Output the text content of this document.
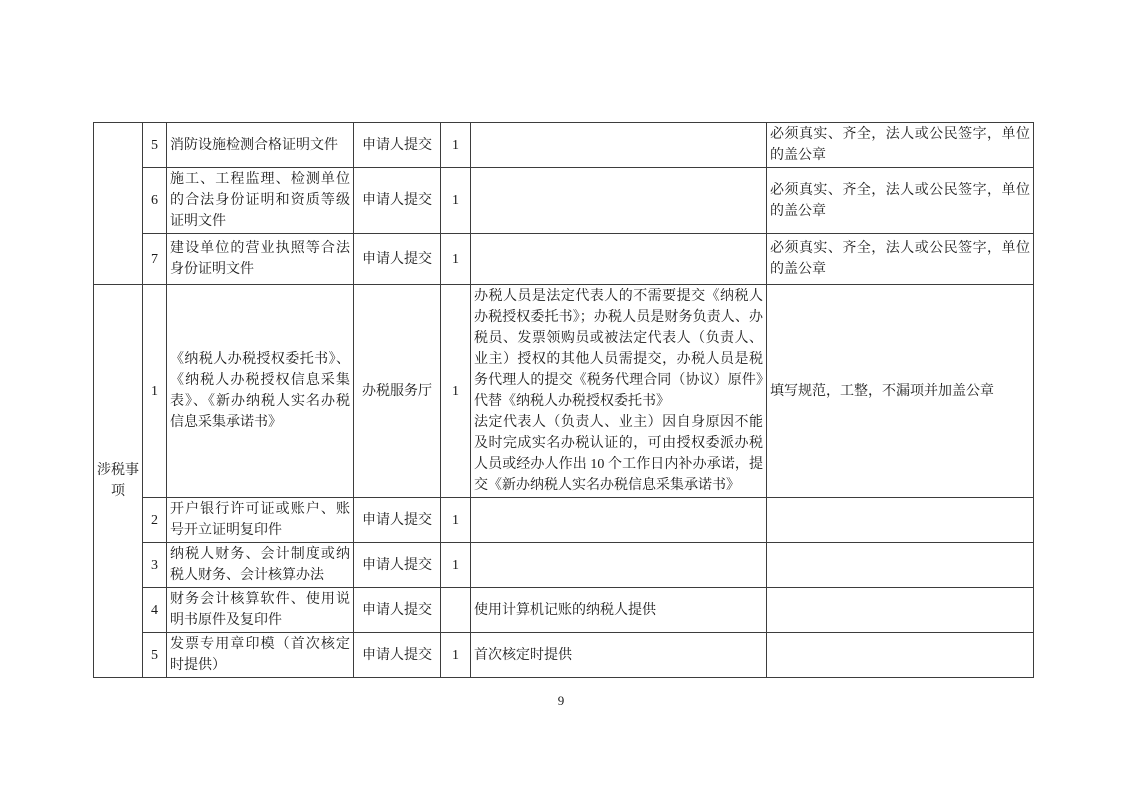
	5	消防设施检测合格证明文件	申请人提交	1		必须真实、齐全，法人或公民签字，单位的盖公章
	6	施工、工程监理、检测单位的合法身份证明和资质等级证明文件	申请人提交	1		必须真实、齐全，法人或公民签字，单位的盖公章
	7	建设单位的营业执照等合法身份证明文件	申请人提交	1		必须真实、齐全，法人或公民签字，单位的盖公章
涉税事项	1	《纳税人办税授权委托书》、《纳税人办税授权信息采集表》、《新办纳税人实名办税信息采集承诺书》	办税服务厅	1	办税人员是法定代表人的不需要提交《纳税人办税授权委托书》；办税人员是财务负责人、办税员、发票领购员或被法定代表人（负责人、业主）授权的其他人员需提交，办税人员是税务代理人的提交《税务代理合同（协议）原件》代替《纳税人办税授权委托书》
法定代表人（负责人、业主）因自身原因不能及时完成实名办税认证的，可由授权委派办税人员或经办人作出 10 个工作日内补办承诺，提交《新办纳税人实名办税信息采集承诺书》	填写规范，工整，不漏项并加盖公章
	2	开户银行许可证或账户、账号开立证明复印件	申请人提交	1		
	3	纳税人财务、会计制度或纳税人财务、会计核算办法	申请人提交	1		
	4	财务会计核算软件、使用说明书原件及复印件	申请人提交		使用计算机记账的纳税人提供	
	5	发票专用章印模（首次核定时提供）	申请人提交	1	首次核定时提供	
9
